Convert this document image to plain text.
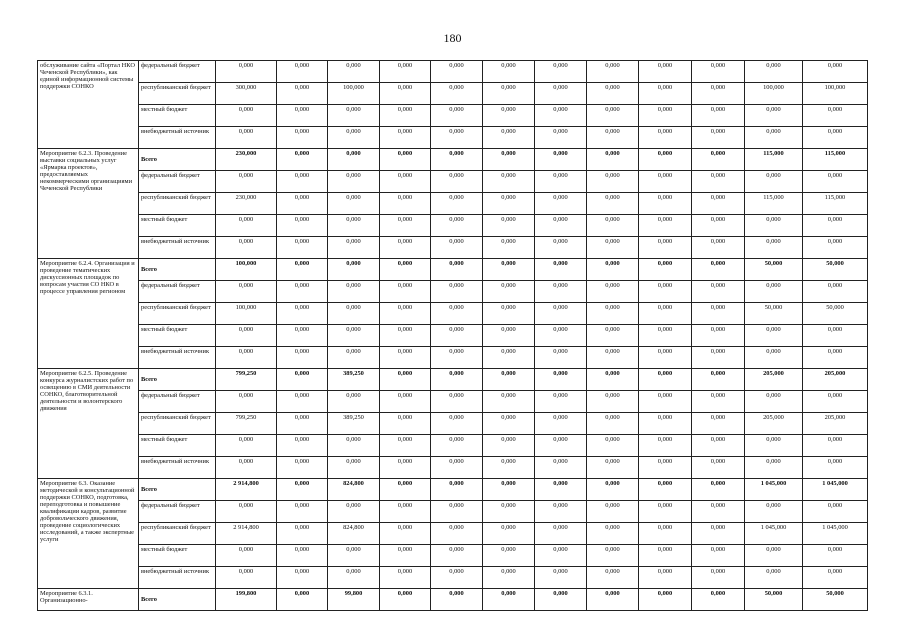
180
обслуживание сайта «Портал НКО Чеченской Республики», как единой информационной системы поддержки СОНКО	федеральный бюджет	0,000	0,000	0,000	0,000	0,000	0,000	0,000	0,000	0,000	0,000	0,000	0,000
	республиканский бюджет	300,000	0,000	100,000	0,000	0,000	0,000	0,000	0,000	0,000	0,000	100,000	100,000
	местный бюджет	0,000	0,000	0,000	0,000	0,000	0,000	0,000	0,000	0,000	0,000	0,000	0,000
	внебюджетный источник	0,000	0,000	0,000	0,000	0,000	0,000	0,000	0,000	0,000	0,000	0,000	0,000
Мероприятие 6.2.3. Проведение выставки социальных услуг «Ярмарка проектов», предоставляемых некоммерческими организациями Чеченской Республики	Всего	230,000	0,000	0,000	0,000	0,000	0,000	0,000	0,000	0,000	0,000	115,000	115,000
	федеральный бюджет	0,000	0,000	0,000	0,000	0,000	0,000	0,000	0,000	0,000	0,000	0,000	0,000
	республиканский бюджет	230,000	0,000	0,000	0,000	0,000	0,000	0,000	0,000	0,000	0,000	115,000	115,000
	местный бюджет	0,000	0,000	0,000	0,000	0,000	0,000	0,000	0,000	0,000	0,000	0,000	0,000
	внебюджетный источник	0,000	0,000	0,000	0,000	0,000	0,000	0,000	0,000	0,000	0,000	0,000	0,000
Мероприятие 6.2.4. Организация и проведение тематических дискуссионных площадок по вопросам участия СО НКО в процессе управления регионом	Всего	100,000	0,000	0,000	0,000	0,000	0,000	0,000	0,000	0,000	0,000	50,000	50,000
	федеральный бюджет	0,000	0,000	0,000	0,000	0,000	0,000	0,000	0,000	0,000	0,000	0,000	0,000
	республиканский бюджет	100,000	0,000	0,000	0,000	0,000	0,000	0,000	0,000	0,000	0,000	50,000	50,000
	местный бюджет	0,000	0,000	0,000	0,000	0,000	0,000	0,000	0,000	0,000	0,000	0,000	0,000
	внебюджетный источник	0,000	0,000	0,000	0,000	0,000	0,000	0,000	0,000	0,000	0,000	0,000	0,000
Мероприятие 6.2.5. Проведение конкурса журналистских работ по освещению в СМИ деятельности СОНКО, благотворительной деятельности и волонтерского движения	Всего	799,250	0,000	389,250	0,000	0,000	0,000	0,000	0,000	0,000	0,000	205,000	205,000
	федеральный бюджет	0,000	0,000	0,000	0,000	0,000	0,000	0,000	0,000	0,000	0,000	0,000	0,000
	республиканский бюджет	799,250	0,000	389,250	0,000	0,000	0,000	0,000	0,000	0,000	0,000	205,000	205,000
	местный бюджет	0,000	0,000	0,000	0,000	0,000	0,000	0,000	0,000	0,000	0,000	0,000	0,000
	внебюджетный источник	0,000	0,000	0,000	0,000	0,000	0,000	0,000	0,000	0,000	0,000	0,000	0,000
Мероприятие 6.3. Оказание методической и консультационной поддержки СОНКО, подготовка, переподготовка и повышение квалификации кадров, развитие добровольческого движения, проведение социологических исследований, а также экспертные услуги	Всего	2 914,800	0,000	824,800	0,000	0,000	0,000	0,000	0,000	0,000	0,000	1 045,000	1 045,000
	федеральный бюджет	0,000	0,000	0,000	0,000	0,000	0,000	0,000	0,000	0,000	0,000	0,000	0,000
	республиканский бюджет	2 914,800	0,000	824,800	0,000	0,000	0,000	0,000	0,000	0,000	0,000	1 045,000	1 045,000
	местный бюджет	0,000	0,000	0,000	0,000	0,000	0,000	0,000	0,000	0,000	0,000	0,000	0,000
	внебюджетный источник	0,000	0,000	0,000	0,000	0,000	0,000	0,000	0,000	0,000	0,000	0,000	0,000
Мероприятие 6.3.1. Организационно-	Всего	199,800	0,000	99,800	0,000	0,000	0,000	0,000	0,000	0,000	0,000	50,000	50,000
